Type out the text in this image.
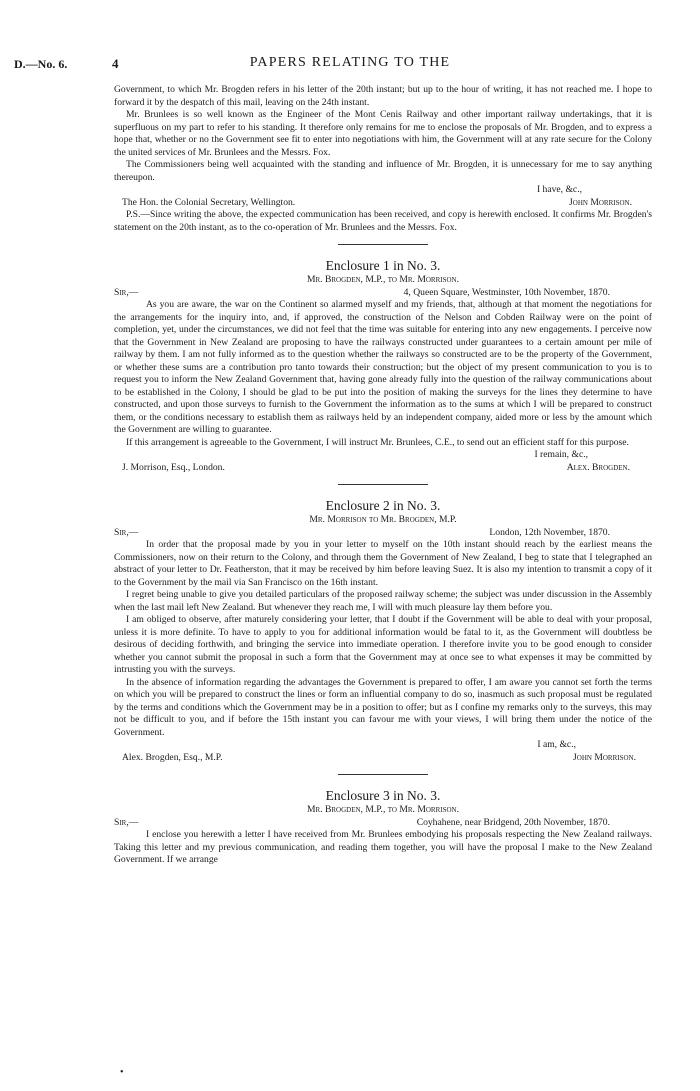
D.—No. 6.	4	PAPERS RELATING TO THE

Government, to which Mr. Brogden refers in his letter of the 20th instant; but up to the hour of writing, it has not reached me. I hope to forward it by the despatch of this mail, leaving on the 24th instant.

Mr. Brunlees is so well known as the Engineer of the Mont Cenis Railway and other important railway undertakings, that it is superfluous on my part to refer to his standing. It therefore only remains for me to enclose the proposals of Mr. Brogden, and to express a hope that, whether or no the Government see fit to enter into negotiations with him, the Government will at any rate secure for the Colony the united services of Mr. Brunlees and the Messrs. Fox.

The Commissioners being well acquainted with the standing and influence of Mr. Brogden, it is unnecessary for me to say anything thereupon.

I have, &c.,

The Hon. the Colonial Secretary, Wellington.	John Morrison.

P.S.—Since writing the above, the expected communication has been received, and copy is herewith enclosed. It confirms Mr. Brogden's statement on the 20th instant, as to the co-operation of Mr. Brunlees and the Messrs. Fox.

Enclosure 1 in No. 3.
Mr. Brogden, M.P., to Mr. Morrison.
Sir,—	4, Queen Square, Westminster, 10th November, 1870.

As you are aware, the war on the Continent so alarmed myself and my friends, that, although at that moment the negotiations for the arrangements for the inquiry into, and, if approved, the construction of the Nelson and Cobden Railway were on the point of completion, yet, under the circumstances, we did not feel that the time was suitable for entering into any new engagements. I perceive now that the Government in New Zealand are proposing to have the railways constructed under guarantees to a certain amount per mile of railway by them. I am not fully informed as to the question whether the railways so constructed are to be the property of the Government, or whether these sums are a contribution pro tanto towards their construction; but the object of my present communication to you is to request you to inform the New Zealand Government that, having gone already fully into the question of the railway communications about to be established in the Colony, I should be glad to be put into the position of making the surveys for the lines they determine to have constructed, and upon those surveys to furnish to the Government the information as to the sums at which I will be prepared to construct them, or the conditions necessary to establish them as railways held by an independent company, aided more or less by the amount which the Government are willing to guarantee.

If this arrangement is agreeable to the Government, I will instruct Mr. Brunlees, C.E., to send out an efficient staff for this purpose.

I remain, &c.,

J. Morrison, Esq., London.	Alex. Brogden.
Enclosure 2 in No. 3.
Mr. Morrison to Mr. Brogden, M.P.
Sir,—	London, 12th November, 1870.

In order that the proposal made by you in your letter to myself on the 10th instant should reach by the earliest means the Commissioners, now on their return to the Colony, and through them the Government of New Zealand, I beg to state that I telegraphed an abstract of your letter to Dr. Featherston, that it may be received by him before leaving Suez. It is also my intention to transmit a copy of it to the Government by the mail via San Francisco on the 16th instant.

I regret being unable to give you detailed particulars of the proposed railway scheme; the subject was under discussion in the Assembly when the last mail left New Zealand. But whenever they reach me, I will with much pleasure lay them before you.

I am obliged to observe, after maturely considering your letter, that I doubt if the Government will be able to deal with your proposal, unless it is more definite. To have to apply to you for additional information would be fatal to it, as the Government will doubtless be desirous of deciding forthwith, and bringing the service into immediate operation. I therefore invite you to be good enough to consider whether you cannot submit the proposal in such a form that the Government may at once see to what expenses it may be committed by intrusting you with the surveys.

In the absence of information regarding the advantages the Government is prepared to offer, I am aware you cannot set forth the terms on which you will be prepared to construct the lines or form an influential company to do so, inasmuch as such proposal must be regulated by the terms and conditions which the Government may be in a position to offer; but as I confine my remarks only to the surveys, this may not be difficult to you, and if before the 15th instant you can favour me with your views, I will bring them under the notice of the Government.

I am, &c.,

Alex. Brogden, Esq., M.P.	John Morrison.
Enclosure 3 in No. 3.
Mr. Brogden, M.P., to Mr. Morrison.
Sir,—	Coyhahene, near Bridgend, 20th November, 1870.

I enclose you herewith a letter I have received from Mr. Brunlees embodying his proposals respecting the New Zealand railways. Taking this letter and my previous communication, and reading them together, you will have the proposal I make to the New Zealand Government. If we arrange

•
